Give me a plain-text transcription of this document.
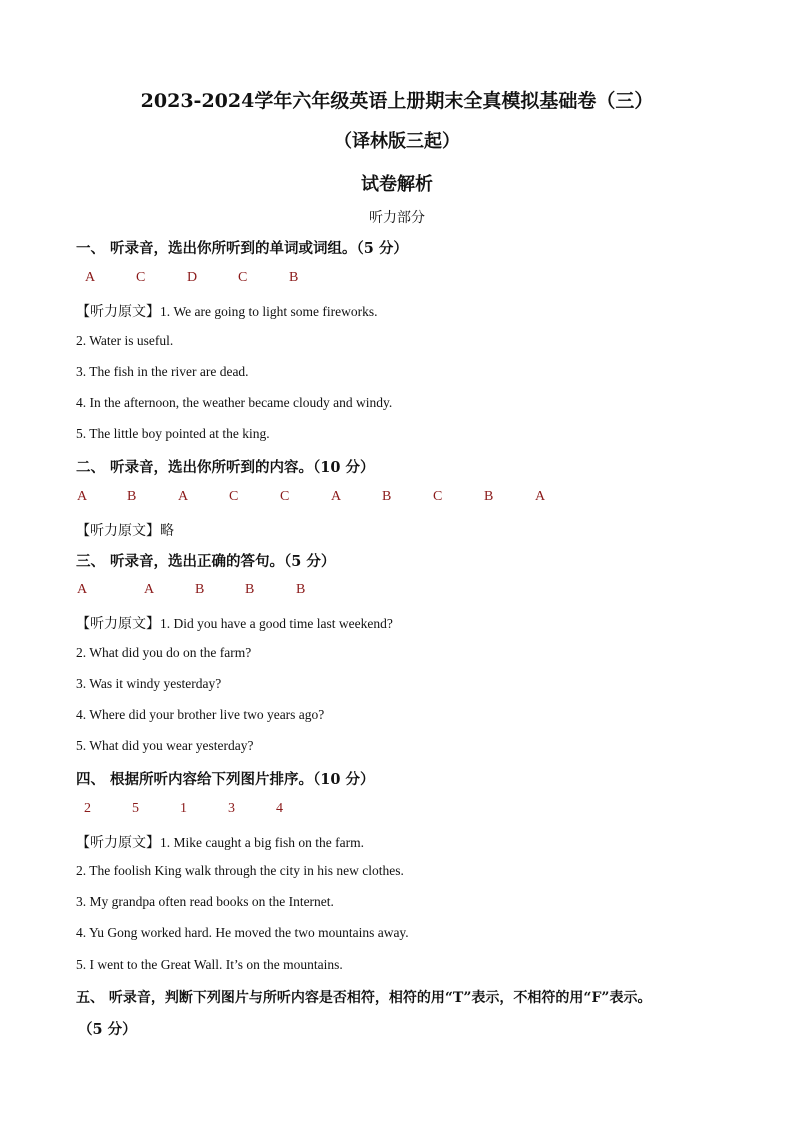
2023-2024学年六年级英语上册期末全真模拟基础卷（三）
（译林版三起）
试卷解析
听力部分
一、 听录音，选出你所听到的单词或词组。（5 分）
A	C	D	C	B
【听力原文】1. We are going to light some fireworks.
2. Water is useful.
3. The fish in the river are dead.
4. In the afternoon, the weather became cloudy and windy.
5. The little boy pointed at the king.
二、 听录音，选出你所听到的内容。（10 分）
A	B	A	C	C	A	B	C	B	A
【听力原文】略
三、 听录音，选出正确的答句。（5 分）
A	A	B	B	B
【听力原文】1. Did you have a good time last weekend?
2. What did you do on the farm?
3. Was it windy yesterday?
4. Where did your brother live two years ago?
5. What did you wear yesterday?
四、 根据所听内容给下列图片排序。（10 分）
2	5	1	3	4
【听力原文】1. Mike caught a big fish on the farm.
2. The foolish King walk through the city in his new clothes.
3. My grandpa often read books on the Internet.
4. Yu Gong worked hard. He moved the two mountains away.
5. I went to the Great Wall. It’s on the mountains.
五、 听录音，判断下列图片与所听内容是否相符，相符的用“T”表示，不相符的用“F”表示。
（5 分）
